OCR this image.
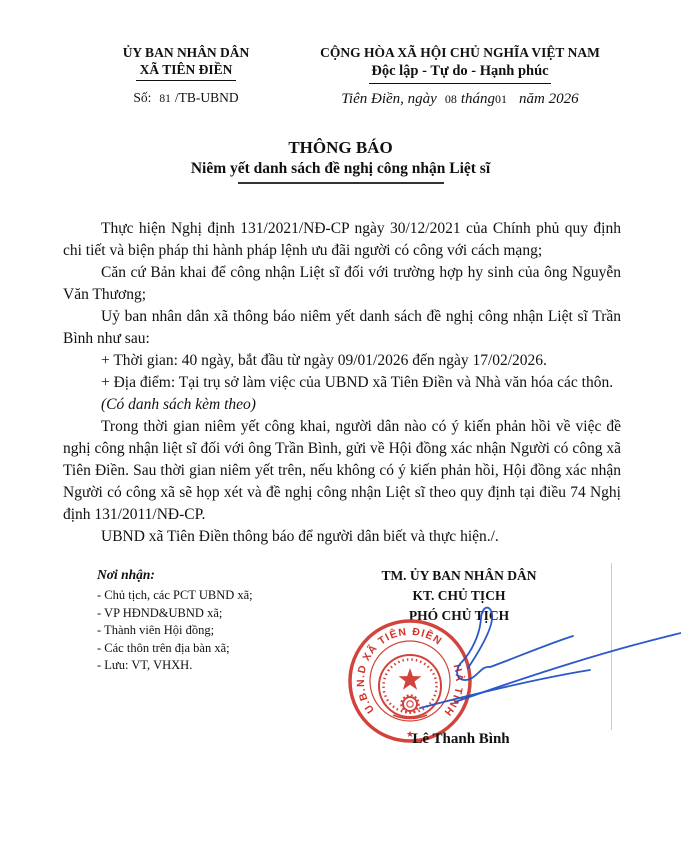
ỦY BAN NHÂN DÂN
XÃ TIÊN ĐIỀN
Số: 81 /TB-UBND
CỘNG HÒA XÃ HỘI CHỦ NGHĨA VIỆT NAM
Độc lập - Tự do - Hạnh phúc
Tiên Điền, ngày 08 tháng01 năm 2026
THÔNG BÁO
Niêm yết danh sách đề nghị công nhận Liệt sĩ

Thực hiện Nghị định 131/2021/NĐ-CP ngày 30/12/2021 của Chính phủ quy định chi tiết và biện pháp thi hành pháp lệnh ưu đãi người có công với cách mạng;

Căn cứ Bản khai để công nhận Liệt sĩ đối với trường hợp hy sinh của ông Nguyễn Văn Thương;

Uỷ ban nhân dân xã thông báo niêm yết danh sách đề nghị công nhận Liệt sĩ Trần Bình như sau:

+ Thời gian: 40 ngày, bắt đầu từ ngày 09/01/2026 đến ngày 17/02/2026.

+ Địa điểm: Tại trụ sở làm việc của UBND xã Tiên Điền và Nhà văn hóa các thôn.

(Có danh sách kèm theo)

Trong thời gian niêm yết công khai, người dân nào có ý kiến phản hồi về việc đề nghị công nhận liệt sĩ đối với ông Trần Bình, gửi về Hội đồng xác nhận Người có công xã Tiên Điền. Sau thời gian niêm yết trên, nếu không có ý kiến phản hồi, Hội đồng xác nhận Người có công xã sẽ họp xét và đề nghị công nhận Liệt sĩ theo quy định tại điều 74 Nghị định 131/2011/NĐ-CP.

UBND xã Tiên Điền thông báo để người dân biết và thực hiện./.

Nơi nhận:
- Chủ tịch, các PCT UBND xã;
- VP HĐND&UBND xã;
- Thành viên Hội đồng;
- Các thôn trên địa bàn xã;
- Lưu: VT, VHXH.
TM. ỦY BAN NHÂN DÂN
KT. CHỦ TỊCH
PHÓ CHỦ TỊCH
U.B.N.D XÃ TIÊN ĐIỀN
HÀ TĨNH
★
Lê Thanh Bình
